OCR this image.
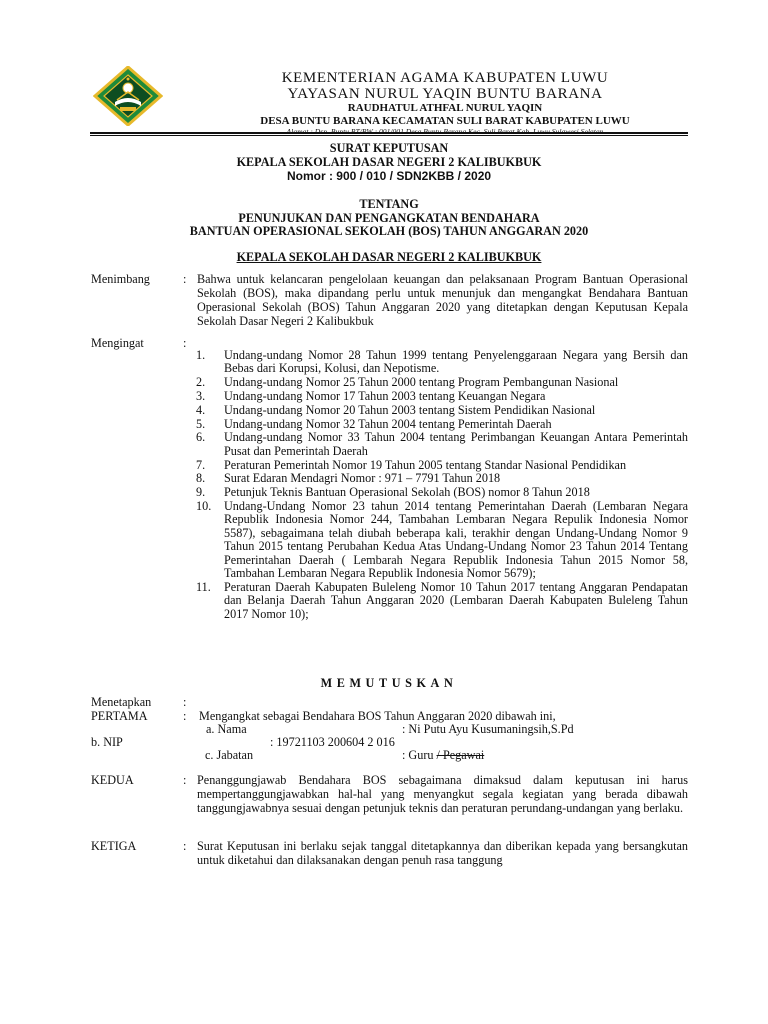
KEMENTERIAN AGAMA KABUPATEN LUWU
YAYASAN NURUL YAQIN BUNTU BARANA
RAUDHATUL ATHFAL NURUL YAQIN
DESA BUNTU BARANA KECAMATAN SULI BARAT KABUPATEN LUWU
Alamat : Dsn. Buntu RT/RW : 001/001 Desa Buntu Barana Kec. Suli Barat Kab. Luwu Sulawesi Selatan
SURAT KEPUTUSAN
KEPALA SEKOLAH DASAR NEGERI 2 KALIBUKBUK
Nomor : 900 / 010 / SDN2KBB / 2020
TENTANG
PENUNJUKAN DAN PENGANGKATAN BENDAHARA
BANTUAN OPERASIONAL SEKOLAH (BOS) TAHUN ANGGARAN 2020
KEPALA SEKOLAH DASAR NEGERI 2 KALIBUKBUK
Menimbang	: Bahwa untuk kelancaran pengelolaan keuangan dan pelaksanaan Program Bantuan Operasional Sekolah (BOS), maka dipandang perlu untuk menunjuk dan mengangkat Bendahara Bantuan Operasional Sekolah (BOS) Tahun Anggaran 2020 yang ditetapkan dengan Keputusan Kepala Sekolah Dasar Negeri 2 Kalibukbuk
Mengingat	:
1. Undang-undang Nomor 28 Tahun 1999 tentang Penyelenggaraan Negara yang Bersih dan Bebas dari Korupsi, Kolusi, dan Nepotisme.
2. Undang-undang Nomor 25 Tahun 2000 tentang Program Pembangunan Nasional
3. Undang-undang Nomor 17 Tahun 2003 tentang Keuangan Negara
4. Undang-undang Nomor 20 Tahun 2003 tentang Sistem Pendidikan Nasional
5. Undang-undang Nomor 32 Tahun 2004 tentang Pemerintah Daerah
6. Undang-undang Nomor 33 Tahun 2004 tentang Perimbangan Keuangan Antara Pemerintah Pusat dan Pemerintah Daerah
7. Peraturan Pemerintah Nomor 19 Tahun 2005 tentang Standar Nasional Pendidikan
8. Surat Edaran Mendagri Nomor : 971 – 7791 Tahun 2018
9. Petunjuk Teknis Bantuan Operasional Sekolah (BOS) nomor 8 Tahun 2018
10. Undang-Undang Nomor 23 tahun 2014 tentang Pemerintahan Daerah (Lembaran Negara Republik Indonesia Nomor 244, Tambahan Lembaran Negara Repulik Indonesia Nomor 5587), sebagaimana telah diubah beberapa kali, terakhir dengan Undang-Undang Nomor 9 Tahun 2015 tentang Perubahan Kedua Atas Undang-Undang Nomor 23 Tahun 2014 Tentang Pemerintahan Daerah ( Lembarah Negara Republik Indonesia Tahun 2015 Nomor 58, Tambahan Lembaran Negara Republik Indonesia Nomor 5679);
11. Peraturan Daerah Kabupaten Buleleng Nomor 10 Tahun 2017 tentang Anggaran Pendapatan dan Belanja Daerah Tahun Anggaran 2020 (Lembaran Daerah Kabupaten Buleleng Tahun 2017 Nomor 10);
MEMUTUSKAN
Menetapkan	:
PERTAMA	: Mengangkat sebagai Bendahara BOS Tahun Anggaran 2020 dibawah ini,
a. Nama	: Ni Putu Ayu Kusumaningsih,S.Pd
b. NIP	: 19721103 200604 2 016
c. Jabatan	: Guru / Pegawai
KEDUA	: Penanggungjawab Bendahara BOS sebagaimana dimaksud dalam keputusan ini harus mempertanggungjawabkan hal-hal yang menyangkut segala kegiatan yang berada dibawah tanggungjawabnya sesuai dengan petunjuk teknis dan peraturan perundang-undangan yang berlaku.
KETIGA	: Surat Keputusan ini berlaku sejak tanggal ditetapkannya dan diberikan kepada yang bersangkutan untuk diketahui dan dilaksanakan dengan penuh rasa tanggung
